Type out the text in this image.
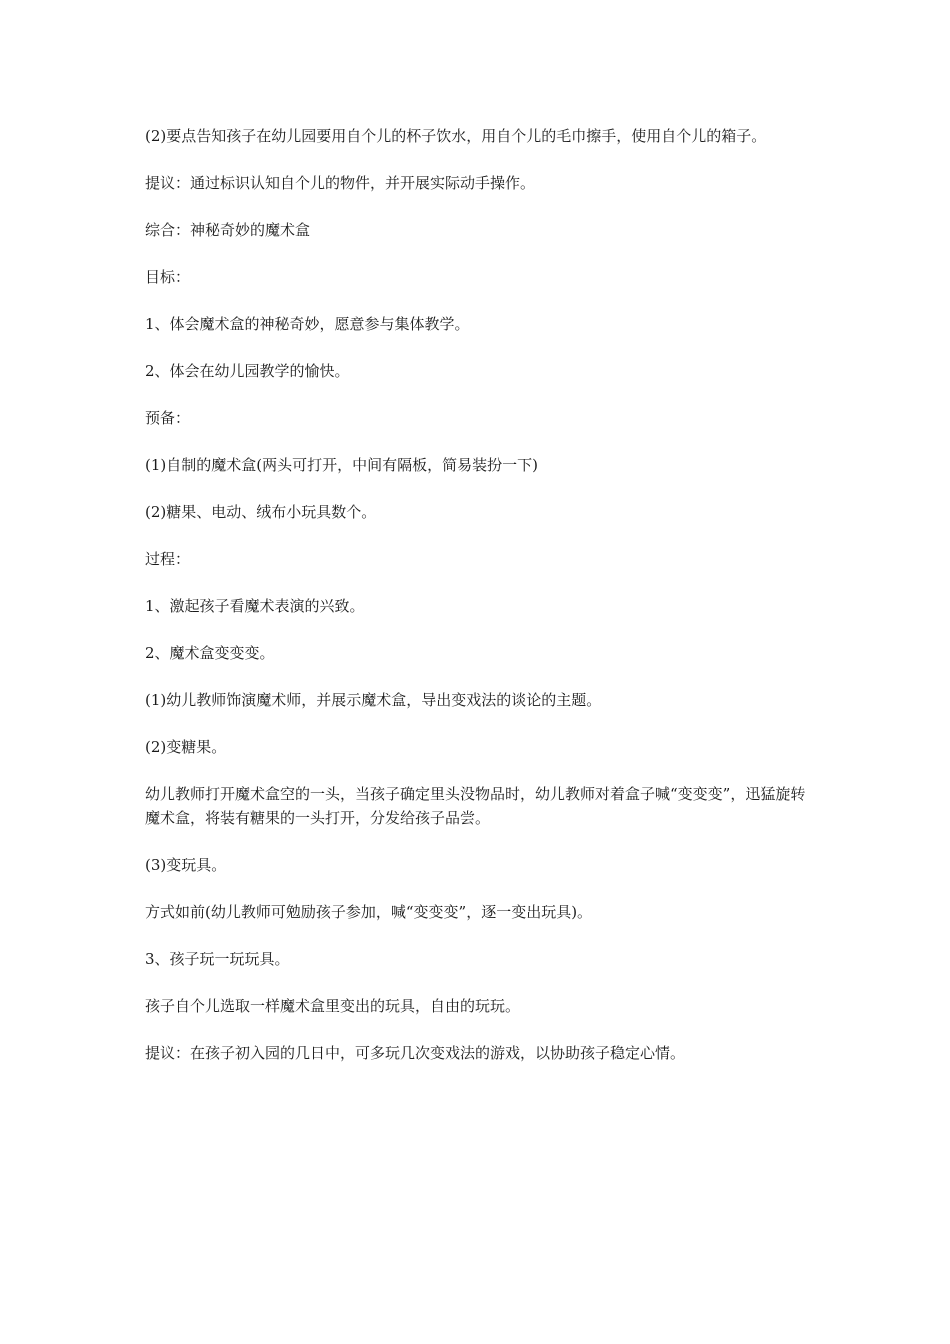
(2)要点告知孩子在幼儿园要用自个儿的杯子饮水，用自个儿的毛巾擦手，使用自个儿的箱子。

提议：通过标识认知自个儿的物件，并开展实际动手操作。

综合：神秘奇妙的魔术盒

目标：

1、体会魔术盒的神秘奇妙，愿意参与集体教学。

2、体会在幼儿园教学的愉快。

预备：

(1)自制的魔术盒(两头可打开，中间有隔板，简易装扮一下)

(2)糖果、电动、绒布小玩具数个。

过程：

1、激起孩子看魔术表演的兴致。

2、魔术盒变变变。

(1)幼儿教师饰演魔术师，并展示魔术盒，导出变戏法的谈论的主题。

(2)变糖果。

幼儿教师打开魔术盒空的一头，当孩子确定里头没物品时，幼儿教师对着盒子喊“变变变”，迅猛旋转魔术盒，将装有糖果的一头打开，分发给孩子品尝。

(3)变玩具。

方式如前(幼儿教师可勉励孩子参加，喊“变变变”，逐一变出玩具)。

3、孩子玩一玩玩具。

孩子自个儿选取一样魔术盒里变出的玩具，自由的玩玩。

提议：在孩子初入园的几日中，可多玩几次变戏法的游戏，以协助孩子稳定心情。
